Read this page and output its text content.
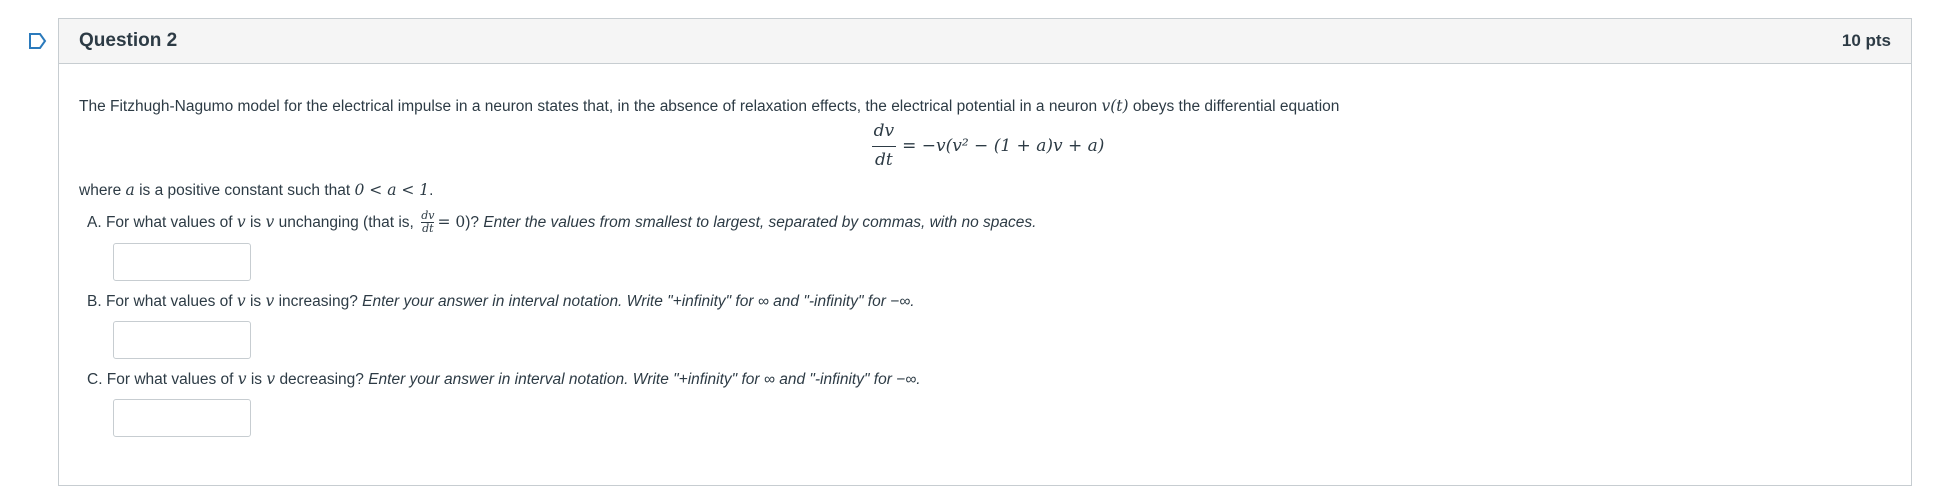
Question 2	10 pts
The Fitzhugh-Nagumo model for the electrical impulse in a neuron states that, in the absence of relaxation effects, the electrical potential in a neuron v(t) obeys the differential equation
$\frac{dv}{dt} = -v(v^2 - (1 + a)v + a)$
where a is a positive constant such that 0 < a < 1.
A. For what values of v is v unchanging (that is, $\frac{dv}{dt} = 0$)? Enter the values from smallest to largest, separated by commas, with no spaces.
B. For what values of v is v increasing? Enter your answer in interval notation. Write "+infinity" for ∞ and "-infinity" for −∞.
C. For what values of v is v decreasing? Enter your answer in interval notation. Write "+infinity" for ∞ and "-infinity" for −∞.
